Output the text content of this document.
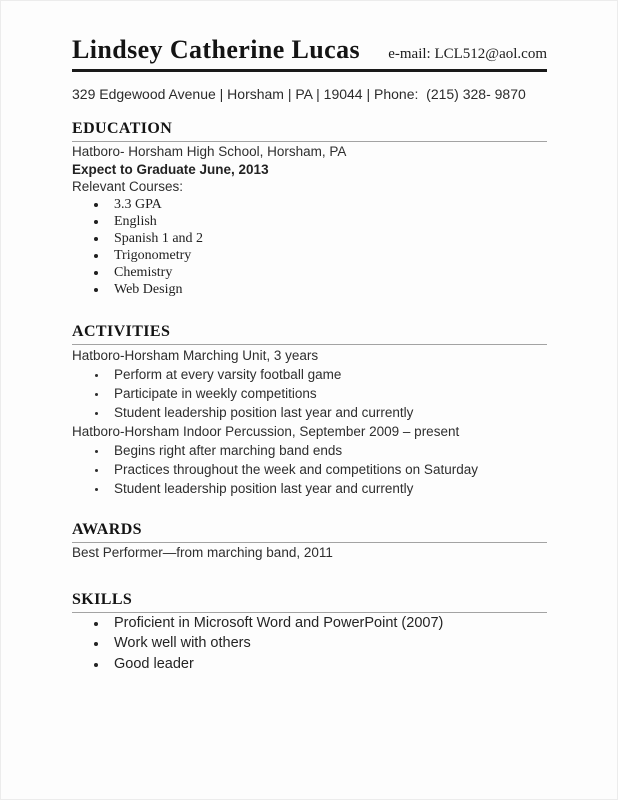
Lindsey Catherine Lucas e-mail: LCL512@aol.com
329 Edgewood Avenue | Horsham | PA | 19044 | Phone:  (215) 328- 9870
EDUCATION

Hatboro- Horsham High School, Horsham, PA

Expect to Graduate June, 2013

Relevant Courses:

• 3.3 GPA
• English
• Spanish 1 and 2
• Trigonometry
• Chemistry
• Web Design
ACTIVITIES

Hatboro-Horsham Marching Unit, 3 years

• Perform at every varsity football game
• Participate in weekly competitions
• Student leadership position last year and currently

Hatboro-Horsham Indoor Percussion, September 2009 – present

• Begins right after marching band ends
• Practices throughout the week and competitions on Saturday
• Student leadership position last year and currently
AWARDS

Best Performer—from marching band, 2011

SKILLS
• Proficient in Microsoft Word and PowerPoint (2007)
• Work well with others
• Good leader
